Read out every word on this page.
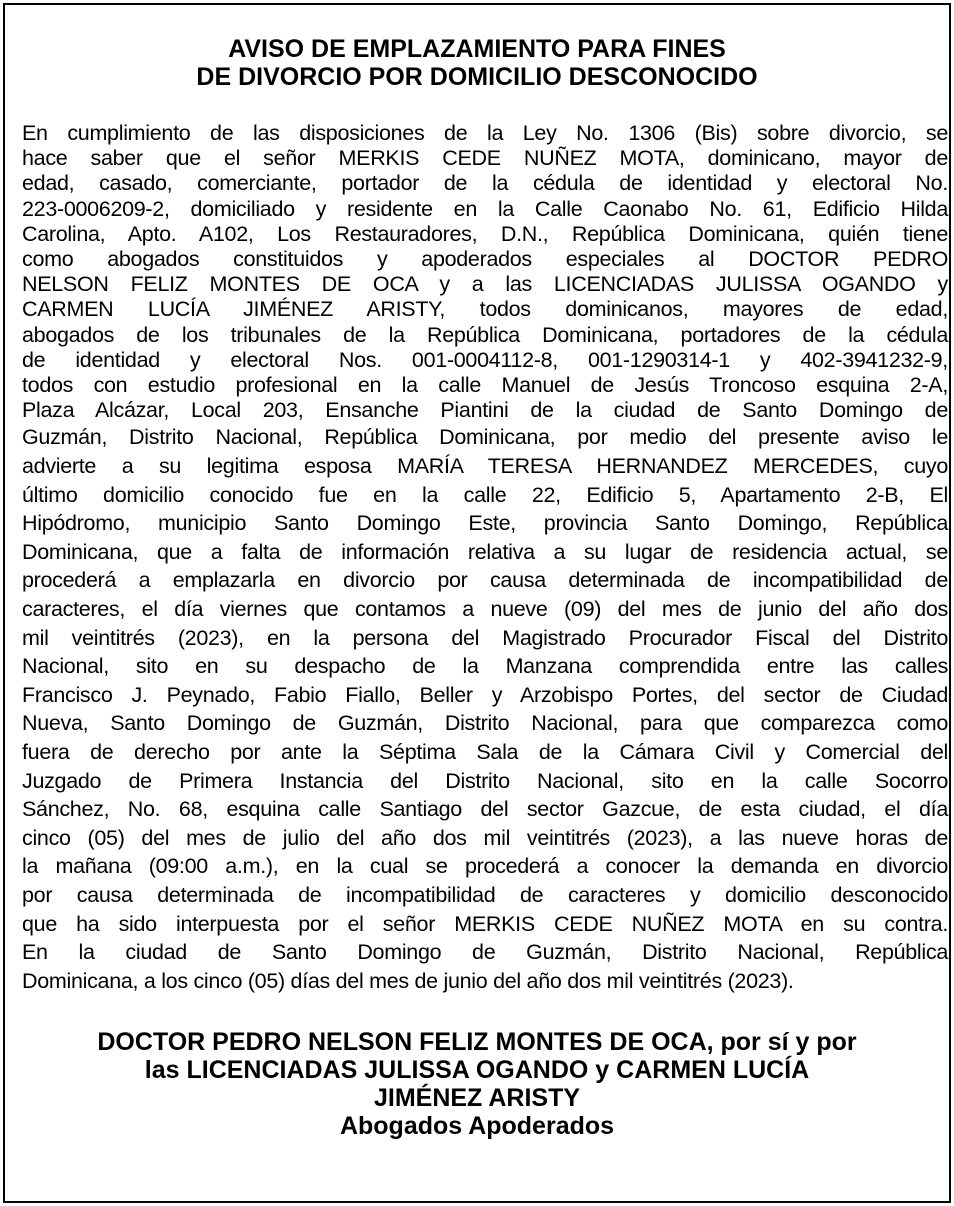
AVISO DE EMPLAZAMIENTO PARA FINES
DE DIVORCIO POR DOMICILIO DESCONOCIDO
En cumplimiento de las disposiciones de la Ley No. 1306 (Bis) sobre divorcio, se
hace saber que el señor MERKIS CEDE NUÑEZ MOTA, dominicano, mayor de
edad, casado, comerciante, portador de la cédula de identidad y electoral No.
223-0006209-2, domiciliado y residente en la Calle Caonabo No. 61, Edificio Hilda
Carolina, Apto. A102, Los Restauradores, D.N., República Dominicana, quién tiene
como abogados constituidos y apoderados especiales al DOCTOR PEDRO
NELSON FELIZ MONTES DE OCA y a las LICENCIADAS JULISSA OGANDO y
CARMEN LUCÍA JIMÉNEZ ARISTY, todos dominicanos, mayores de edad,
abogados de los tribunales de la República Dominicana, portadores de la cédula
de identidad y electoral Nos. 001-0004112-8, 001-1290314-1 y 402-3941232-9,
todos con estudio profesional en la calle Manuel de Jesús Troncoso esquina 2-A,
Plaza Alcázar, Local 203, Ensanche Piantini de la ciudad de Santo Domingo de
Guzmán, Distrito Nacional, República Dominicana, por medio del presente aviso le
advierte a su legitima esposa MARÍA TERESA HERNANDEZ MERCEDES, cuyo
último domicilio conocido fue en la calle 22, Edificio 5, Apartamento 2-B, El
Hipódromo, municipio Santo Domingo Este, provincia Santo Domingo, República
Dominicana, que a falta de información relativa a su lugar de residencia actual, se
procederá a emplazarla en divorcio por causa determinada de incompatibilidad de
caracteres, el día viernes que contamos a nueve (09) del mes de junio del año dos
mil veintitrés (2023), en la persona del Magistrado Procurador Fiscal del Distrito
Nacional, sito en su despacho de la Manzana comprendida entre las calles
Francisco J. Peynado, Fabio Fiallo, Beller y Arzobispo Portes, del sector de Ciudad
Nueva, Santo Domingo de Guzmán, Distrito Nacional, para que comparezca como
fuera de derecho por ante la Séptima Sala de la Cámara Civil y Comercial del
Juzgado de Primera Instancia del Distrito Nacional, sito en la calle Socorro
Sánchez, No. 68, esquina calle Santiago del sector Gazcue, de esta ciudad, el día
cinco (05) del mes de julio del año dos mil veintitrés (2023), a las nueve horas de
la mañana (09:00 a.m.), en la cual se procederá a conocer la demanda en divorcio
por causa determinada de incompatibilidad de caracteres y domicilio desconocido
que ha sido interpuesta por el señor MERKIS CEDE NUÑEZ MOTA en su contra.
En la ciudad de Santo Domingo de Guzmán, Distrito Nacional, República
Dominicana, a los cinco (05) días del mes de junio del año dos mil veintitrés (2023).
DOCTOR PEDRO NELSON FELIZ MONTES DE OCA, por sí y por
las LICENCIADAS JULISSA OGANDO y CARMEN LUCÍA
JIMÉNEZ ARISTY
Abogados Apoderados
